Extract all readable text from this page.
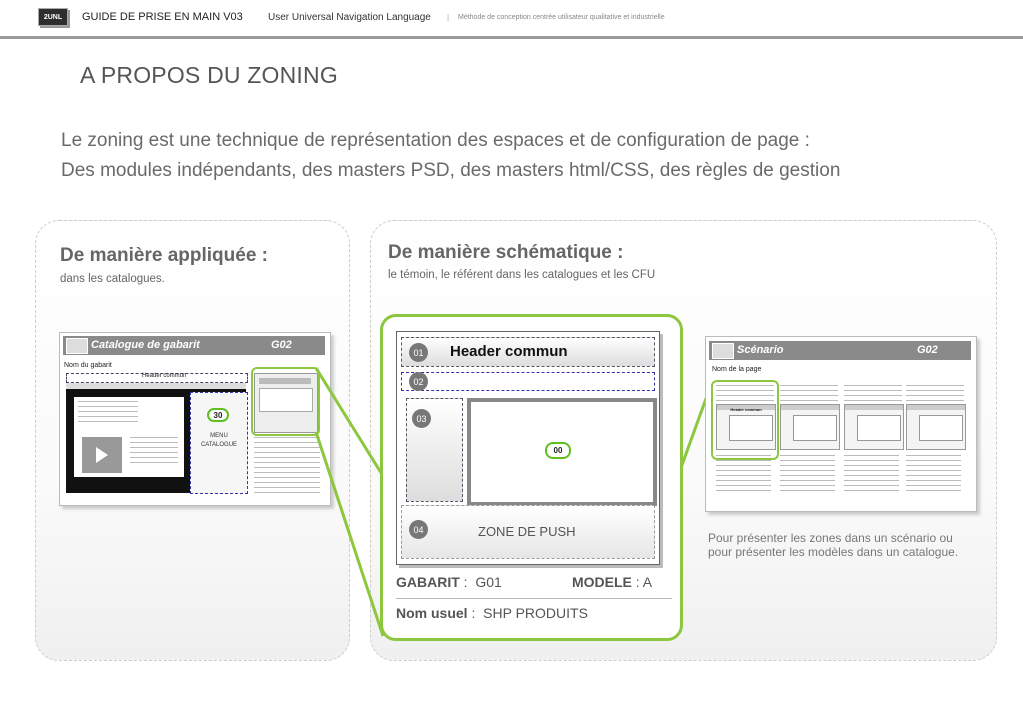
2UNL	GUIDE DE PRISE EN MAIN V03	User Universal Navigation Language | Méthode de conception centrée utilisateur qualitative et industrielle
A PROPOS DU ZONING
Le zoning est une technique de représentation des espaces et de configuration de page :
Des modules indépendants, des masters PSD, des masters html/CSS, des règles de gestion
De manière appliquée :
dans les catalogues.
Catalogue de gabarit	G02
Nom du gabarit
Header commun
30
MENU
CATALOGUE
De manière schématique :
le témoin, le référent dans les catalogues et les CFU
01	Header commun
02
03
00
04	ZONE DE PUSH
GABARIT :  G01	MODELE : A
Nom usuel :  SHP PRODUITS
Scénario	G02
Nom de la page
Header commun
Pour présenter les zones dans un scénario ou pour présenter les modèles dans un catalogue.
